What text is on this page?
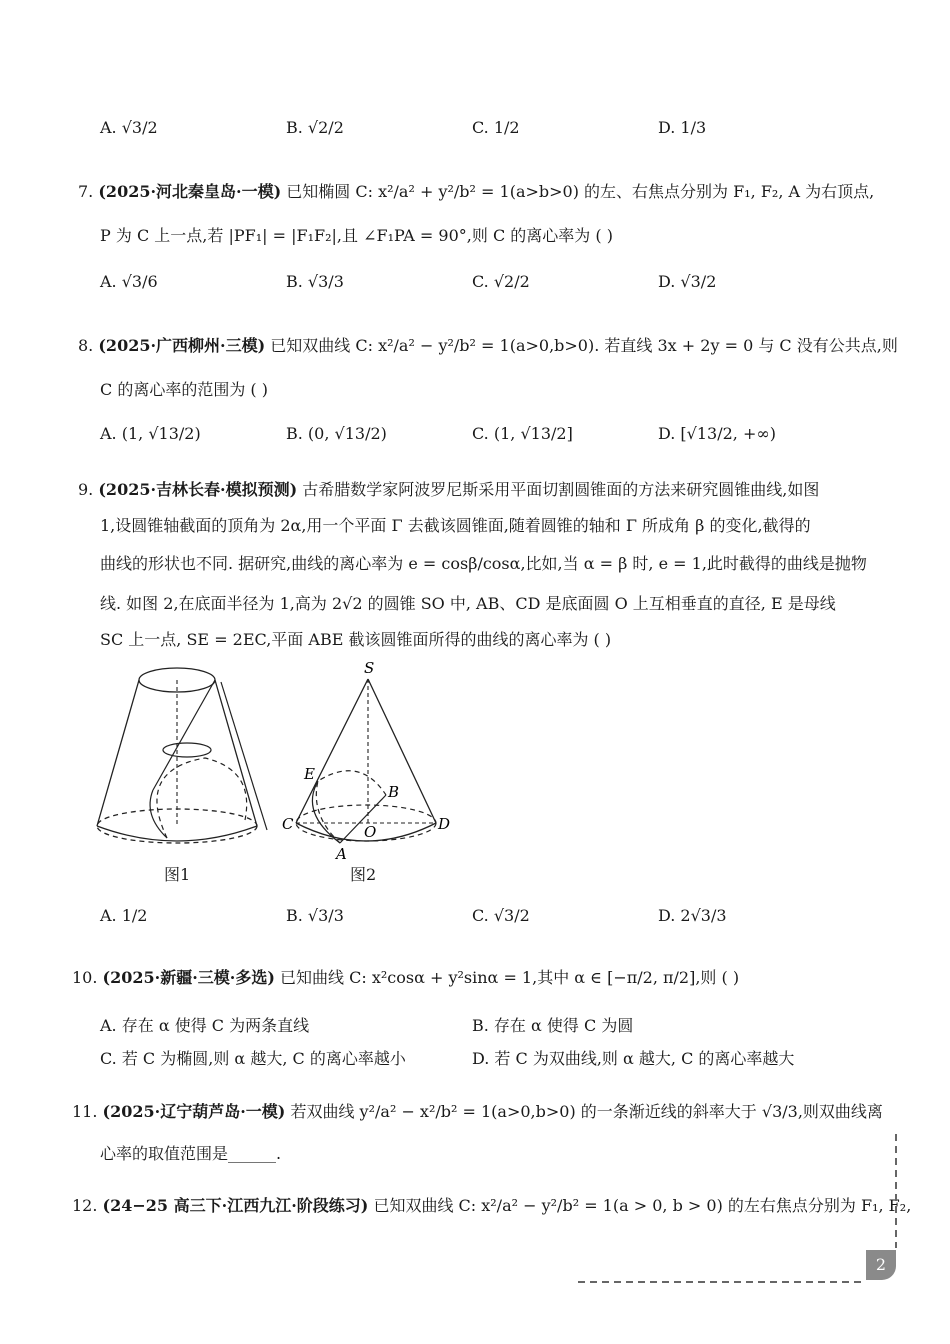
A. √3/2	B. √2/2	C. 1/2	D. 1/3
7. (2025·河北秦皇岛·一模) 已知椭圆 C: x²/a² + y²/b² = 1(a>b>0) 的左、右焦点分别为 F₁, F₂, A 为右顶点,
P 为 C 上一点,若 |PF₁| = |F₁F₂|,且 ∠F₁PA = 90°,则 C 的离心率为 ( )
A. √3/6	B. √3/3	C. √2/2	D. √3/2
8. (2025·广西柳州·三模) 已知双曲线 C: x²/a² − y²/b² = 1(a>0,b>0). 若直线 3x + 2y = 0 与 C 没有公共点,则
C 的离心率的范围为 ( )
A. (1, √13/2)	B. (0, √13/2)	C. (1, √13/2]	D. [√13/2, +∞)
9. (2025·吉林长春·模拟预测) 古希腊数学家阿波罗尼斯采用平面切割圆锥面的方法来研究圆锥曲线,如图
1,设圆锥轴截面的顶角为 2α,用一个平面 Γ 去截该圆锥面,随着圆锥的轴和 Γ 所成角 β 的变化,截得的
曲线的形状也不同. 据研究,曲线的离心率为 e = cosβ/cosα,比如,当 α = β 时, e = 1,此时截得的曲线是抛物
线. 如图 2,在底面半径为 1,高为 2√2 的圆锥 SO 中, AB、CD 是底面圆 O 上互相垂直的直径, E 是母线
SC 上一点, SE = 2EC,平面 ABE 截该圆锥面所得的曲线的离心率为 ( )
图1
S
E
B
C	O	D
A
图2
A. 1/2	B. √3/3	C. √3/2	D. 2√3/3
10. (2025·新疆·三模·多选) 已知曲线 C: x²cosα + y²sinα = 1,其中 α ∈ [−π/2, π/2],则 ( )
A. 存在 α 使得 C 为两条直线	B. 存在 α 使得 C 为圆
C. 若 C 为椭圆,则 α 越大, C 的离心率越小	D. 若 C 为双曲线,则 α 越大, C 的离心率越大
11. (2025·辽宁葫芦岛·一模) 若双曲线 y²/a² − x²/b² = 1(a>0,b>0) 的一条渐近线的斜率大于 √3/3,则双曲线离
心率的取值范围是______.
12. (24−25 高三下·江西九江·阶段练习) 已知双曲线 C: x²/a² − y²/b² = 1(a > 0, b > 0) 的左右焦点分别为 F₁, F₂,
2
